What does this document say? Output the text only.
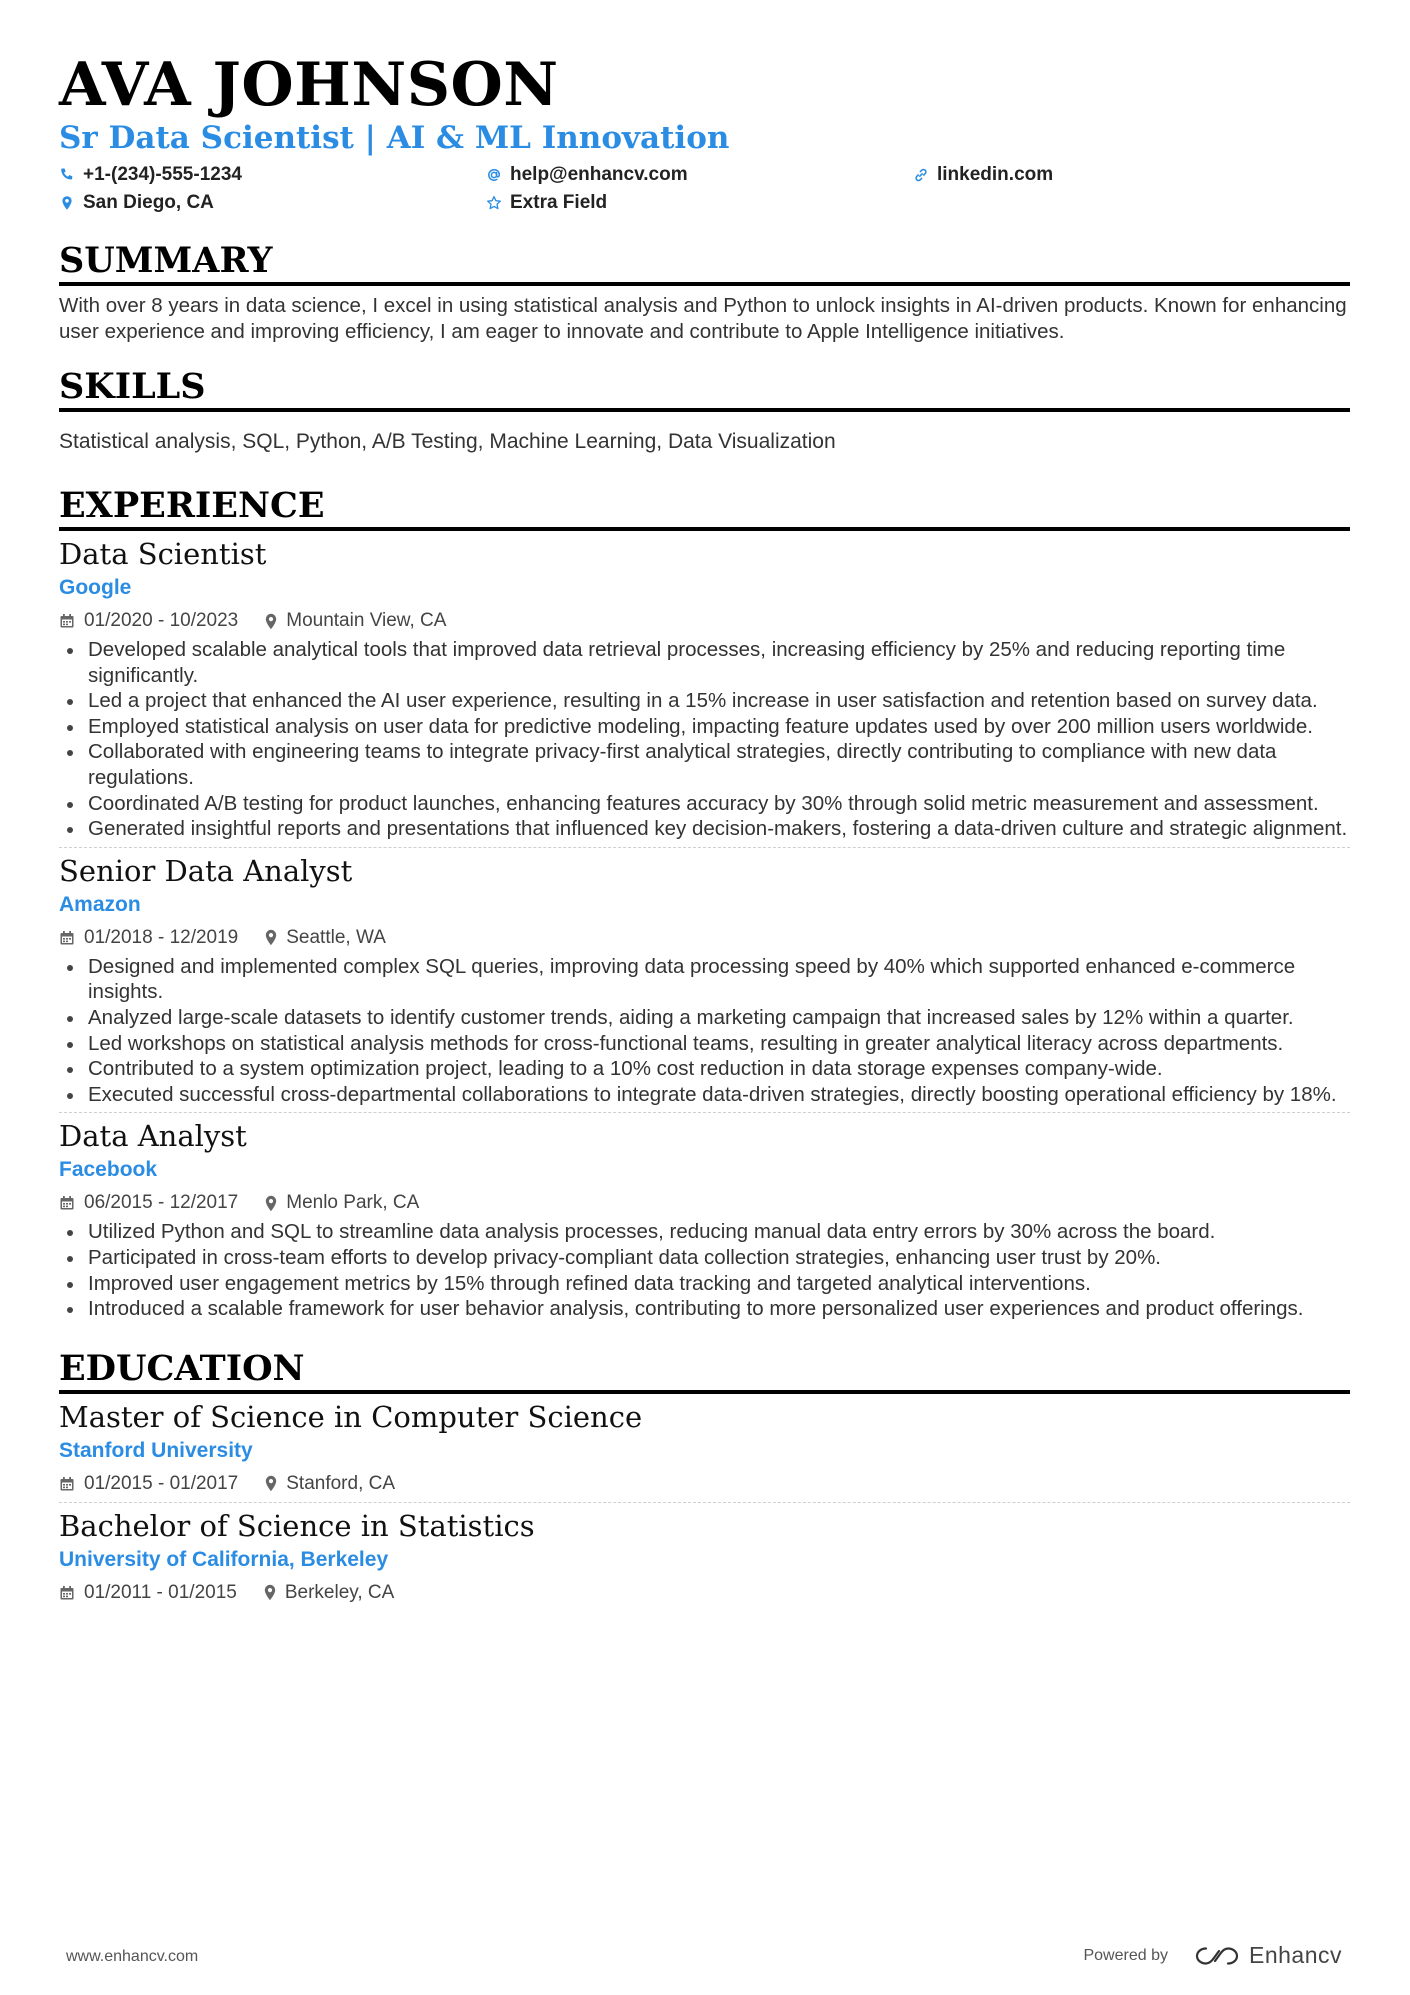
AVA JOHNSON
Sr Data Scientist | AI & ML Innovation
+1-(234)-555-1234	help@enhancv.com	linkedin.com
San Diego, CA	Extra Field
SUMMARY

With over 8 years in data science, I excel in using statistical analysis and Python to unlock insights in AI-driven products. Known for enhancing user experience and improving efficiency, I am eager to innovate and contribute to Apple Intelligence initiatives.

SKILLS

Statistical analysis, SQL, Python, A/B Testing, Machine Learning, Data Visualization

EXPERIENCE
Data Scientist
Google
01/2020 - 10/2023	Mountain View, CA
Developed scalable analytical tools that improved data retrieval processes, increasing efficiency by 25% and reducing reporting time significantly.
Led a project that enhanced the AI user experience, resulting in a 15% increase in user satisfaction and retention based on survey data.
Employed statistical analysis on user data for predictive modeling, impacting feature updates used by over 200 million users worldwide.
Collaborated with engineering teams to integrate privacy-first analytical strategies, directly contributing to compliance with new data regulations.
Coordinated A/B testing for product launches, enhancing features accuracy by 30% through solid metric measurement and assessment.
Generated insightful reports and presentations that influenced key decision-makers, fostering a data-driven culture and strategic alignment.
Senior Data Analyst
Amazon
01/2018 - 12/2019	Seattle, WA
Designed and implemented complex SQL queries, improving data processing speed by 40% which supported enhanced e-commerce insights.
Analyzed large-scale datasets to identify customer trends, aiding a marketing campaign that increased sales by 12% within a quarter.
Led workshops on statistical analysis methods for cross-functional teams, resulting in greater analytical literacy across departments.
Contributed to a system optimization project, leading to a 10% cost reduction in data storage expenses company-wide.
Executed successful cross-departmental collaborations to integrate data-driven strategies, directly boosting operational efficiency by 18%.
Data Analyst
Facebook
06/2015 - 12/2017	Menlo Park, CA
Utilized Python and SQL to streamline data analysis processes, reducing manual data entry errors by 30% across the board.
Participated in cross-team efforts to develop privacy-compliant data collection strategies, enhancing user trust by 20%.
Improved user engagement metrics by 15% through refined data tracking and targeted analytical interventions.
Introduced a scalable framework for user behavior analysis, contributing to more personalized user experiences and product offerings.
EDUCATION
Master of Science in Computer Science
Stanford University
01/2015 - 01/2017	Stanford, CA
Bachelor of Science in Statistics
University of California, Berkeley
01/2011 - 01/2015	Berkeley, CA
www.enhancv.com	Powered by	Enhancv
